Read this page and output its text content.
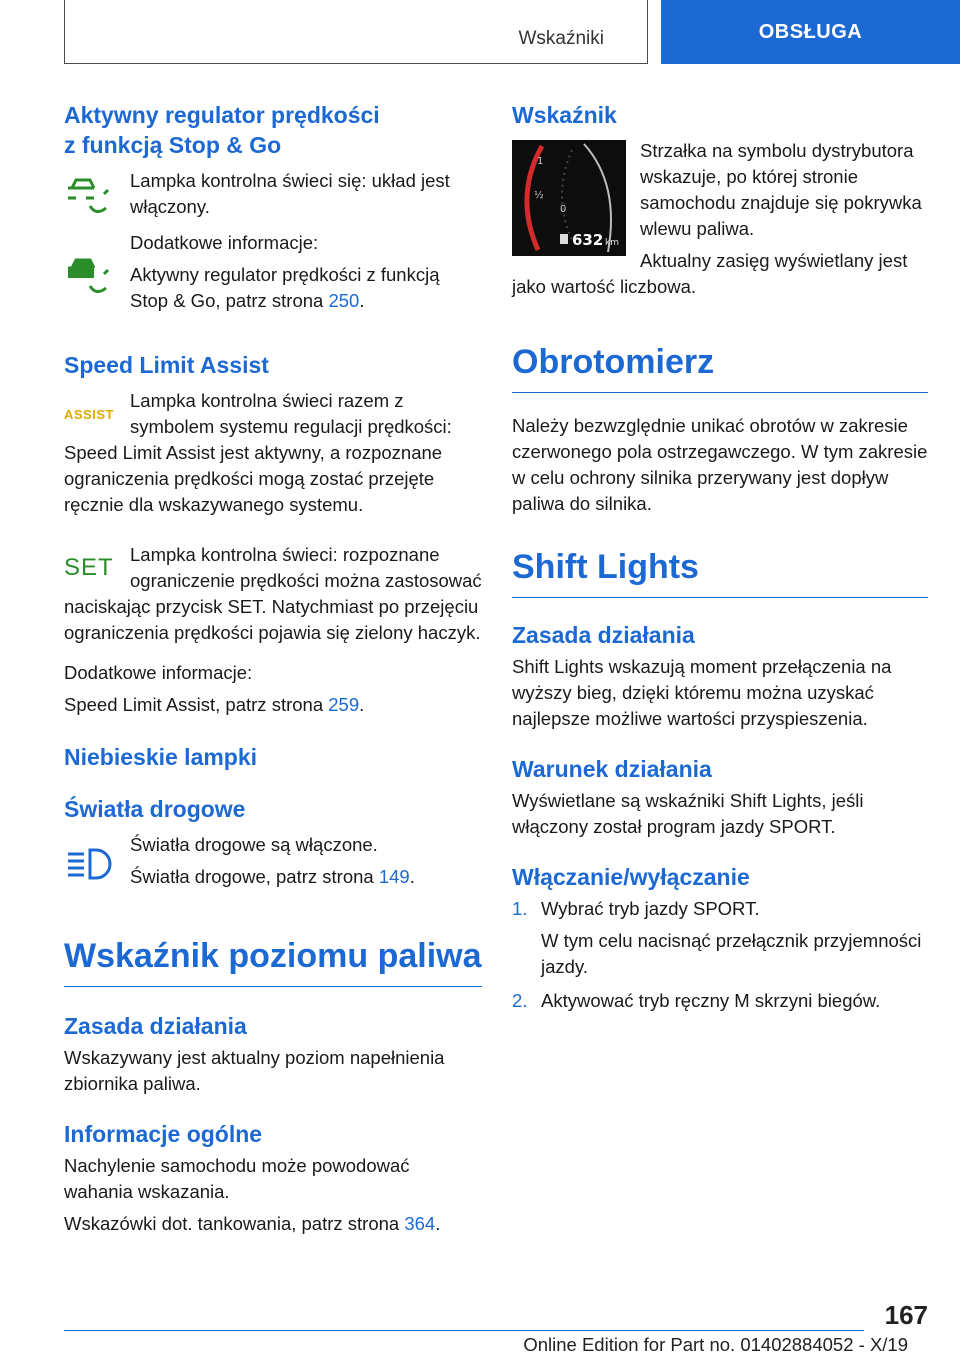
Wskaźniki	OBSŁUGA
Aktywny regulator prędkości
z funkcją Stop & Go

Lampka kontrolna świeci się: układ jest włączony.

Dodatkowe informacje:

Aktywny regulator prędkości z funkcją Stop & Go, patrz strona 250.

Speed Limit Assist
ASSIST

Lampka kontrolna świeci razem z symbolem systemu regulacji prędkości: Speed Limit Assist jest aktywny, a rozpoznane ograniczenia prędkości mogą zostać przejęte ręcznie dla wskazywanego systemu.

SET Lampka kontrolna świeci: rozpoznane ograniczenie prędkości można zastosować naciskając przycisk SET. Natychmiast po przejęciu ograniczenia prędkości pojawia się zielony haczyk.

Dodatkowe informacje:

Speed Limit Assist, patrz strona 259.

Niebieskie lampki
Światła drogowe

Światła drogowe są włączone.

Światła drogowe, patrz strona 149.

Wskaźnik poziomu paliwa
Zasada działania

Wskazywany jest aktualny poziom napełnienia zbiornika paliwa.

Informacje ogólne

Nachylenie samochodu może powodować wahania wskazania.

Wskazówki dot. tankowania, patrz strona 364.

Wskaźnik
1
½
0
632 km

Strzałka na symbolu dystrybutora wskazuje, po której stronie samochodu znajduje się pokrywka wlewu paliwa.

Aktualny zasięg wyświetlany jest jako wartość liczbowa.

Obrotomierz

Należy bezwzględnie unikać obrotów w zakresie czerwonego pola ostrzegawczego. W tym zakresie w celu ochrony silnika przerywany jest dopływ paliwa do silnika.

Shift Lights
Zasada działania

Shift Lights wskazują moment przełączenia na wyższy bieg, dzięki któremu można uzyskać najlepsze możliwe wartości przyspieszenia.

Warunek działania

Wyświetlane są wskaźniki Shift Lights, jeśli włączony został program jazdy SPORT.

Włączanie/wyłączanie
1. Wybrać tryb jazdy SPORT.

W tym celu nacisnąć przełącznik przyjemności jazdy.

2. Aktywować tryb ręczny M skrzyni biegów.

167
Online Edition for Part no. 01402884052 - X/19
